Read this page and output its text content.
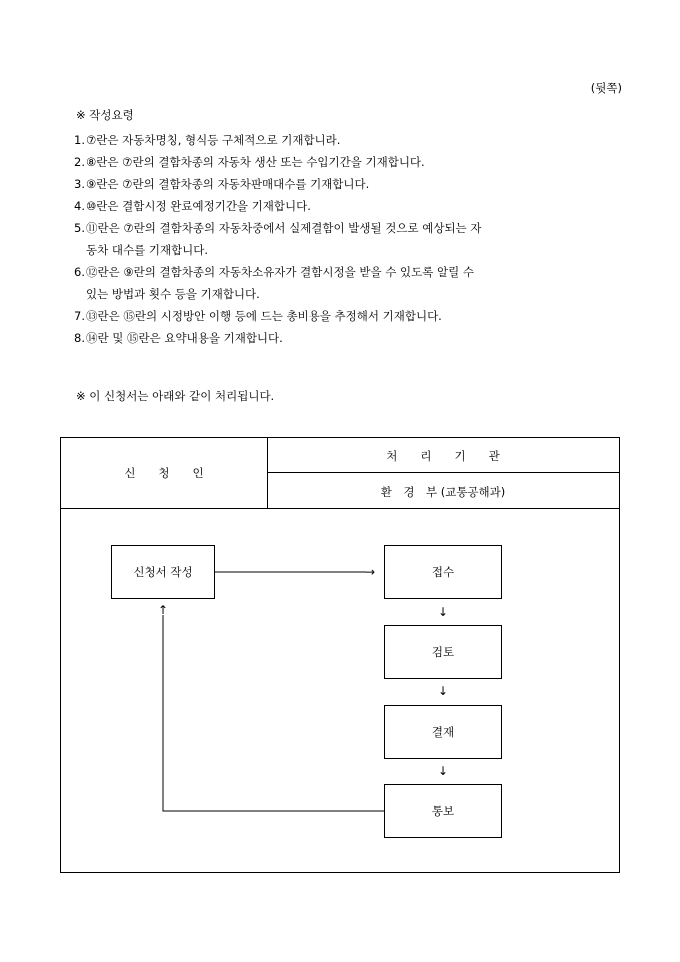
(뒷쪽)
※ 작성요령
1. ⑦란은 자동차명칭, 형식등 구체적으로 기재합니라.
2. ⑧란은 ⑦란의 결함차종의 자동차 생산 또는 수입기간을 기재합니다.
3. ⑨란은 ⑦란의 결함차종의 자동차판매대수를 기재합니다.
4. ⑩란은 결함시정 완료예정기간을 기재합니다.
5. ⑪란은 ⑦란의 결함차종의 자동차중에서 실제결함이 발생될 것으로 예상되는 자
동차 대수를 기재합니다.
6. ⑫란은 ⑨란의 결함차종의 자동차소유자가 결함시정을 받을 수 있도록 알릴 수
있는 방법과 횟수 등을 기재합니다.
7. ⑬란은 ⑮란의 시정방안 이행 등에 드는 총비용을 추정해서 기재합니다.
8. ⑭란 및 ⑮란은 요약내용을 기재합니다.
※ 이 신청서는 아래와 같이 처리됩니다.
신　　청　　인
처　　리　　기　　관
환　경　부 (교통공해과)
신청서 작성	→
↑
접수
↓
검토
↓
결재
↓
통보
